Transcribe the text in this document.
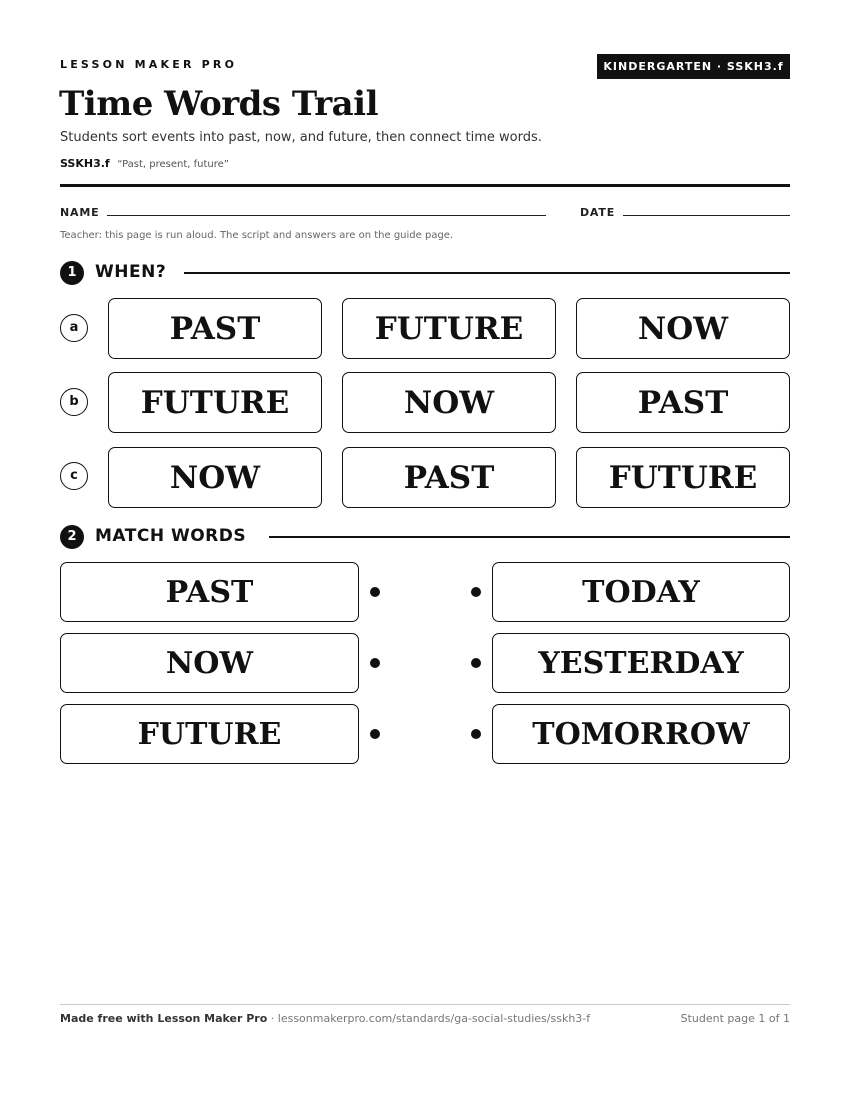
LESSON MAKER PRO	KINDERGARTEN · SSKH3.f
Time Words Trail
Students sort events into past, now, and future, then connect time words.
SSKH3.f “Past, present, future”
NAME	DATE
Teacher: this page is run aloud. The script and answers are on the guide page.
1	WHEN?
a	PAST	FUTURE	NOW
b	FUTURE	NOW	PAST
c	NOW	PAST	FUTURE
2	MATCH WORDS
PAST	TODAY
NOW	YESTERDAY
FUTURE	TOMORROW
Made free with Lesson Maker Pro · lessonmakerpro.com/standards/ga-social-studies/sskh3-f	Student page 1 of 1
